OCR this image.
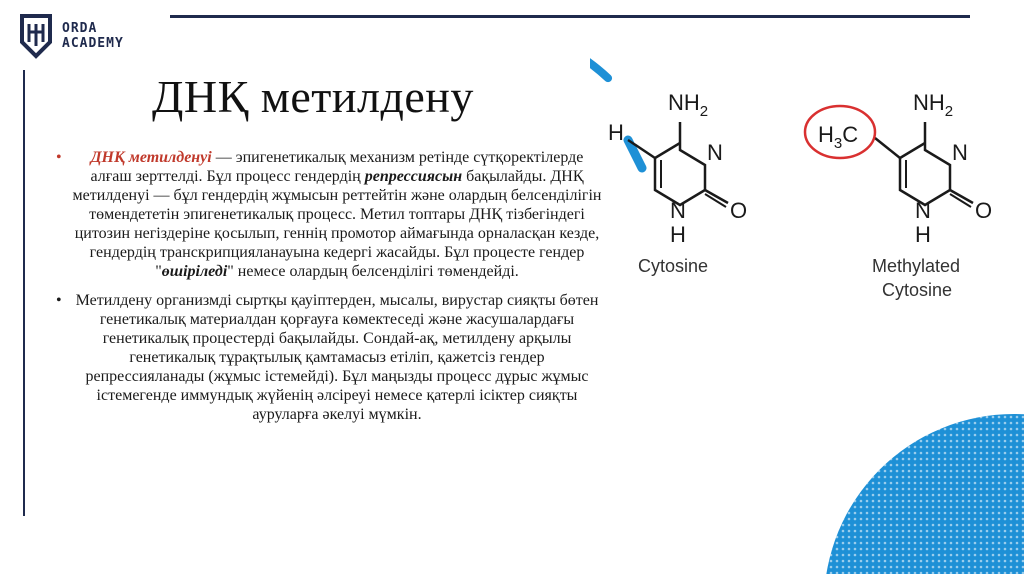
ORDA
ACADEMY
ДНҚ метилдену

• ДНҚ метилденуі — эпигенетикалық механизм ретінде сүтқоректілерде алғаш зерттелді. Бұл процесс гендердің репрессиясын бақылайды. ДНҚ метилденуі — бұл гендердің жұмысын реттейтін және олардың белсенділігін төмендететін эпигенетикалық процесс. Метил топтары ДНҚ тізбегіндегі цитозин негіздеріне қосылып, геннің промотор аймағында орналасқан кезде, гендердің транскрипцияланауына кедергі жасайды. Бұл процесте гендер "өшіріледі" немесе олардың белсенділігі төмендейді.

• Метилдену организмді сыртқы қауіптерден, мысалы, вирустар сияқты бөтен генетикалық материалдан қорғауға көмектеседі және жасушалардағы генетикалық процестерді бақылайды. Сондай-ақ, метилдену арқылы генетикалық тұрақтылық қамтамасыз етіліп, қажетсіз гендер репрессияланады (жұмыс істемейді). Бұл маңызды процесс дұрыс жұмыс істемегенде иммундық жүйенің әлсіреуі немесе қатерлі ісіктер сияқты ауруларға әкелуі мүмкін.

$NH_2$
N
O
N
H
H
Cytosine
$H_3C$
$NH_2$
N
O
N
H
Methylated
Cytosine
